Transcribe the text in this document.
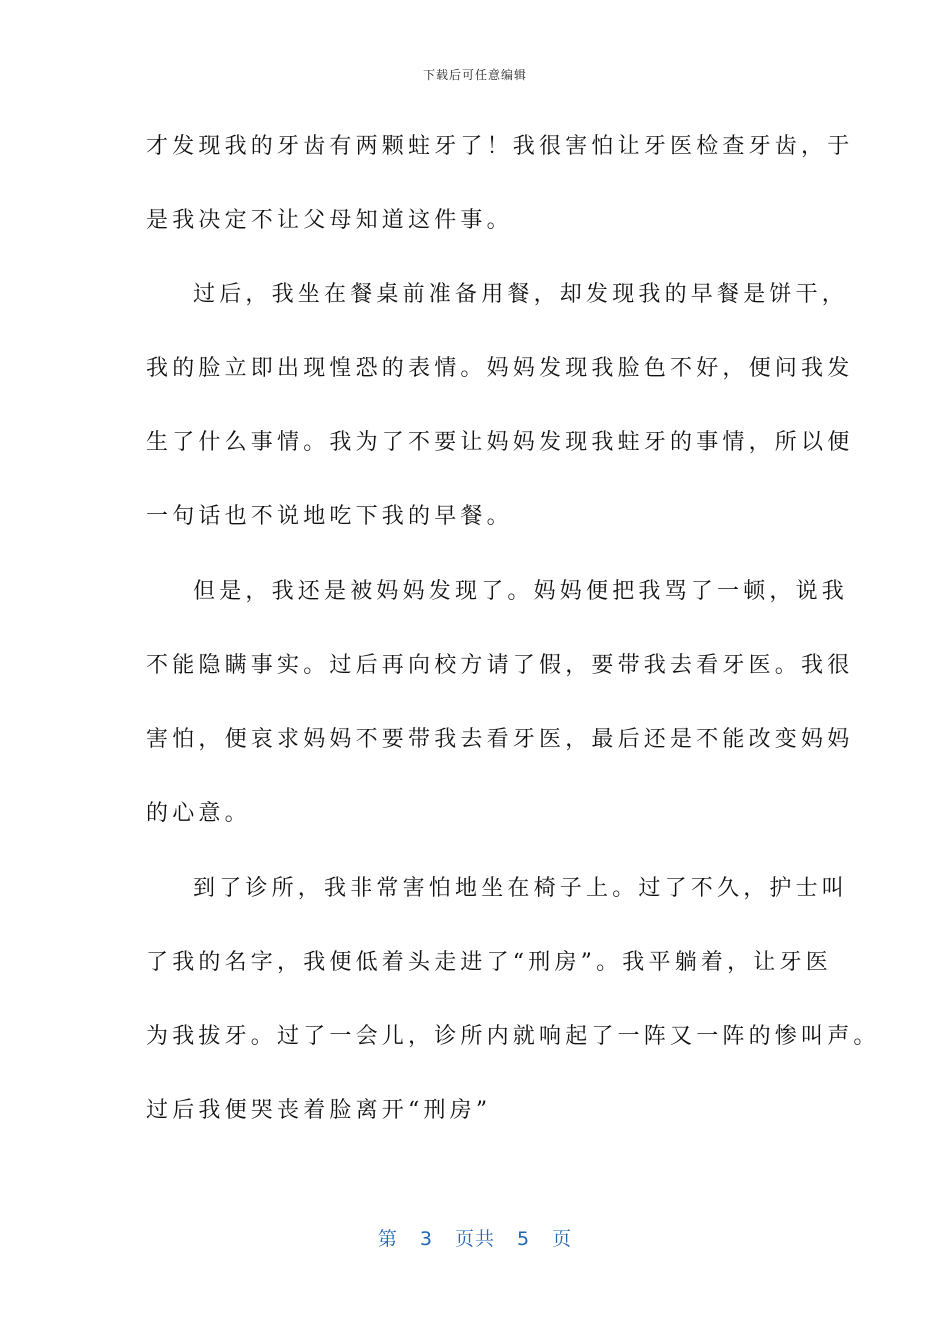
下载后可任意编辑
才发现我的牙齿有两颗蛀牙了！我很害怕让牙医检查牙齿，于
是我决定不让父母知道这件事。
过后，我坐在餐桌前准备用餐，却发现我的早餐是饼干，
我的脸立即出现惶恐的表情。妈妈发现我脸色不好，便问我发
生了什么事情。我为了不要让妈妈发现我蛀牙的事情，所以便
一句话也不说地吃下我的早餐。
但是，我还是被妈妈发现了。妈妈便把我骂了一顿，说我
不能隐瞒事实。过后再向校方请了假，要带我去看牙医。我很
害怕，便哀求妈妈不要带我去看牙医，最后还是不能改变妈妈
的心意。
到了诊所，我非常害怕地坐在椅子上。过了不久，护士叫
了我的名字，我便低着头走进了“刑房”。我平躺着，让牙医
为我拔牙。过了一会儿，诊所内就响起了一阵又一阵的惨叫声。
过后我便哭丧着脸离开“刑房”
第 3 页共 5 页
